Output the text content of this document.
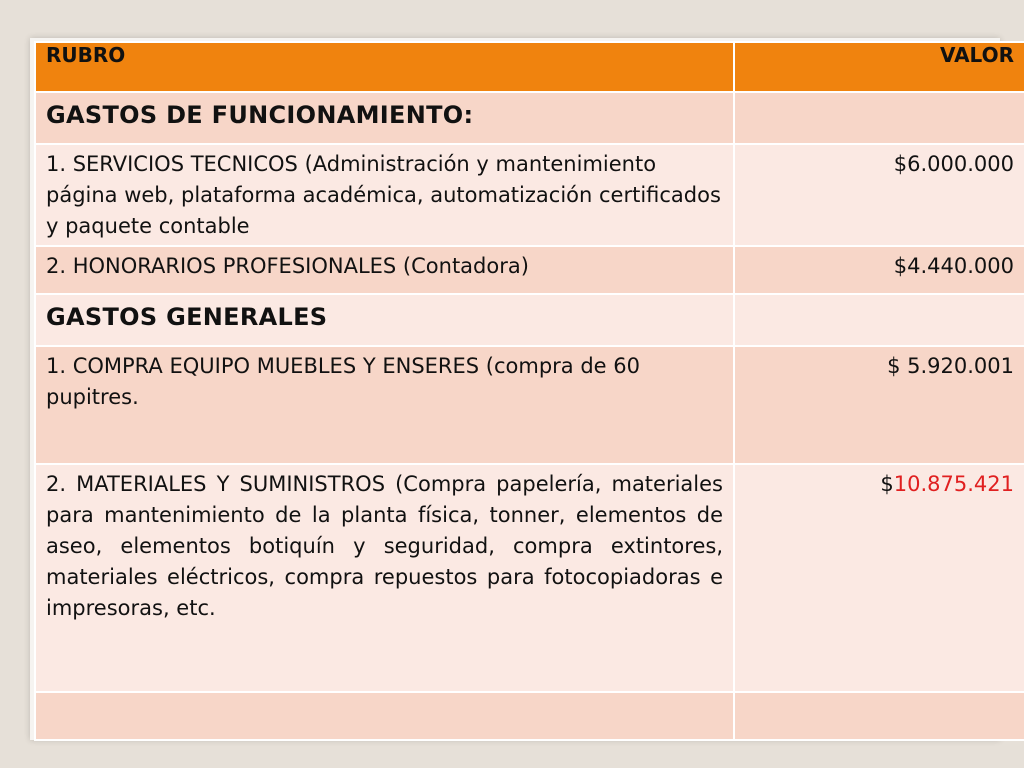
RUBRO	VALOR

GASTOS DE FUNCIONAMIENTO:	

1. SERVICIOS TECNICOS (Administración y mantenimiento página web, plataforma académica, automatización certificados y paquete contable	$6.000.000

2. HONORARIOS PROFESIONALES (Contadora)	$4.440.000

GASTOS GENERALES	

1. COMPRA EQUIPO MUEBLES Y ENSERES (compra de 60 pupitres.	$ 5.920.001

2. MATERIALES Y SUMINISTROS (Compra papelería, materiales para mantenimiento de la planta física, tonner, elementos de aseo, elementos botiquín y seguridad, compra extintores, materiales eléctricos, compra repuestos para fotocopiadoras e impresoras, etc.	$10.875.421
